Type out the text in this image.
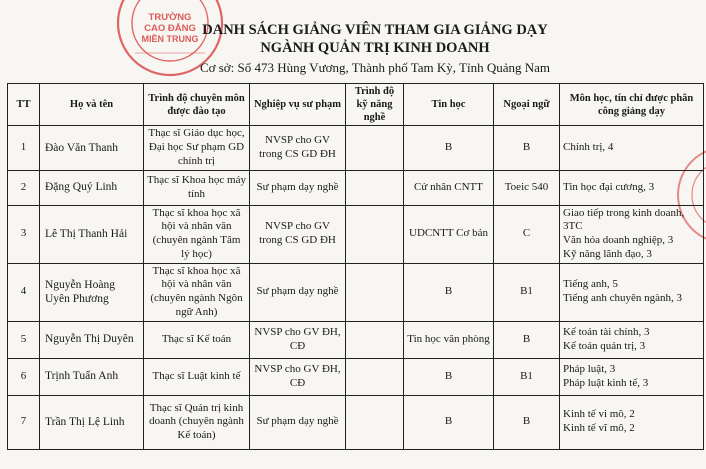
TRƯỜNG
CAO ĐẲNG
MIỀN TRUNG
DANH SÁCH GIẢNG VIÊN THAM GIA GIẢNG DẠY
NGÀNH QUẢN TRỊ KINH DOANH
Cơ sở: Số 473 Hùng Vương, Thành phố Tam Kỳ, Tỉnh Quảng Nam
TT	Họ và tên	Trình độ chuyên môn được đào tạo	Nghiệp vụ sư phạm	Trình độ kỹ năng nghề	Tin học	Ngoại ngữ	Môn học, tín chỉ được phân công giảng dạy
1	Đào Văn Thanh	Thạc sĩ Giáo dục học, Đại học Sư phạm GD chính trị	NVSP cho GV trong CS GD ĐH		B	B	Chính trị, 4

2	Đặng Quý Linh	Thạc sĩ Khoa học máy tính	Sư phạm dạy nghề		Cử nhân CNTT	Toeic 540	Tin học đại cương, 3

3	Lê Thị Thanh Hải	Thạc sĩ khoa học xã hội và nhân văn (chuyên ngành Tâm lý học)	NVSP cho GV trong CS GD ĐH		UDCNTT Cơ bản	C	Giao tiếp trong kinh doanh, 3TC
Văn hóa doanh nghiệp, 3
Kỹ năng lãnh đạo, 3

4	Nguyễn Hoàng Uyên Phương	Thạc sĩ khoa học xã hội và nhân văn (chuyên ngành Ngôn ngữ Anh)	Sư phạm dạy nghề		B	B1	Tiếng anh, 5
Tiếng anh chuyên ngành, 3

5	Nguyễn Thị Duyên	Thạc sĩ Kế toán	NVSP cho GV ĐH, CĐ		Tin học văn phòng	B	Kế toán tài chính, 3
Kế toán quản trị, 3

6	Trịnh Tuấn Anh	Thạc sĩ Luật kinh tế	NVSP cho GV ĐH, CĐ		B	B1	Pháp luật, 3
Pháp luật kinh tế, 3

7	Trần Thị Lệ Linh	Thạc sĩ Quản trị kinh doanh (chuyên ngành Kế toán)	Sư phạm dạy nghề		B	B	Kinh tế vi mô, 2
Kinh tế vĩ mô, 2
